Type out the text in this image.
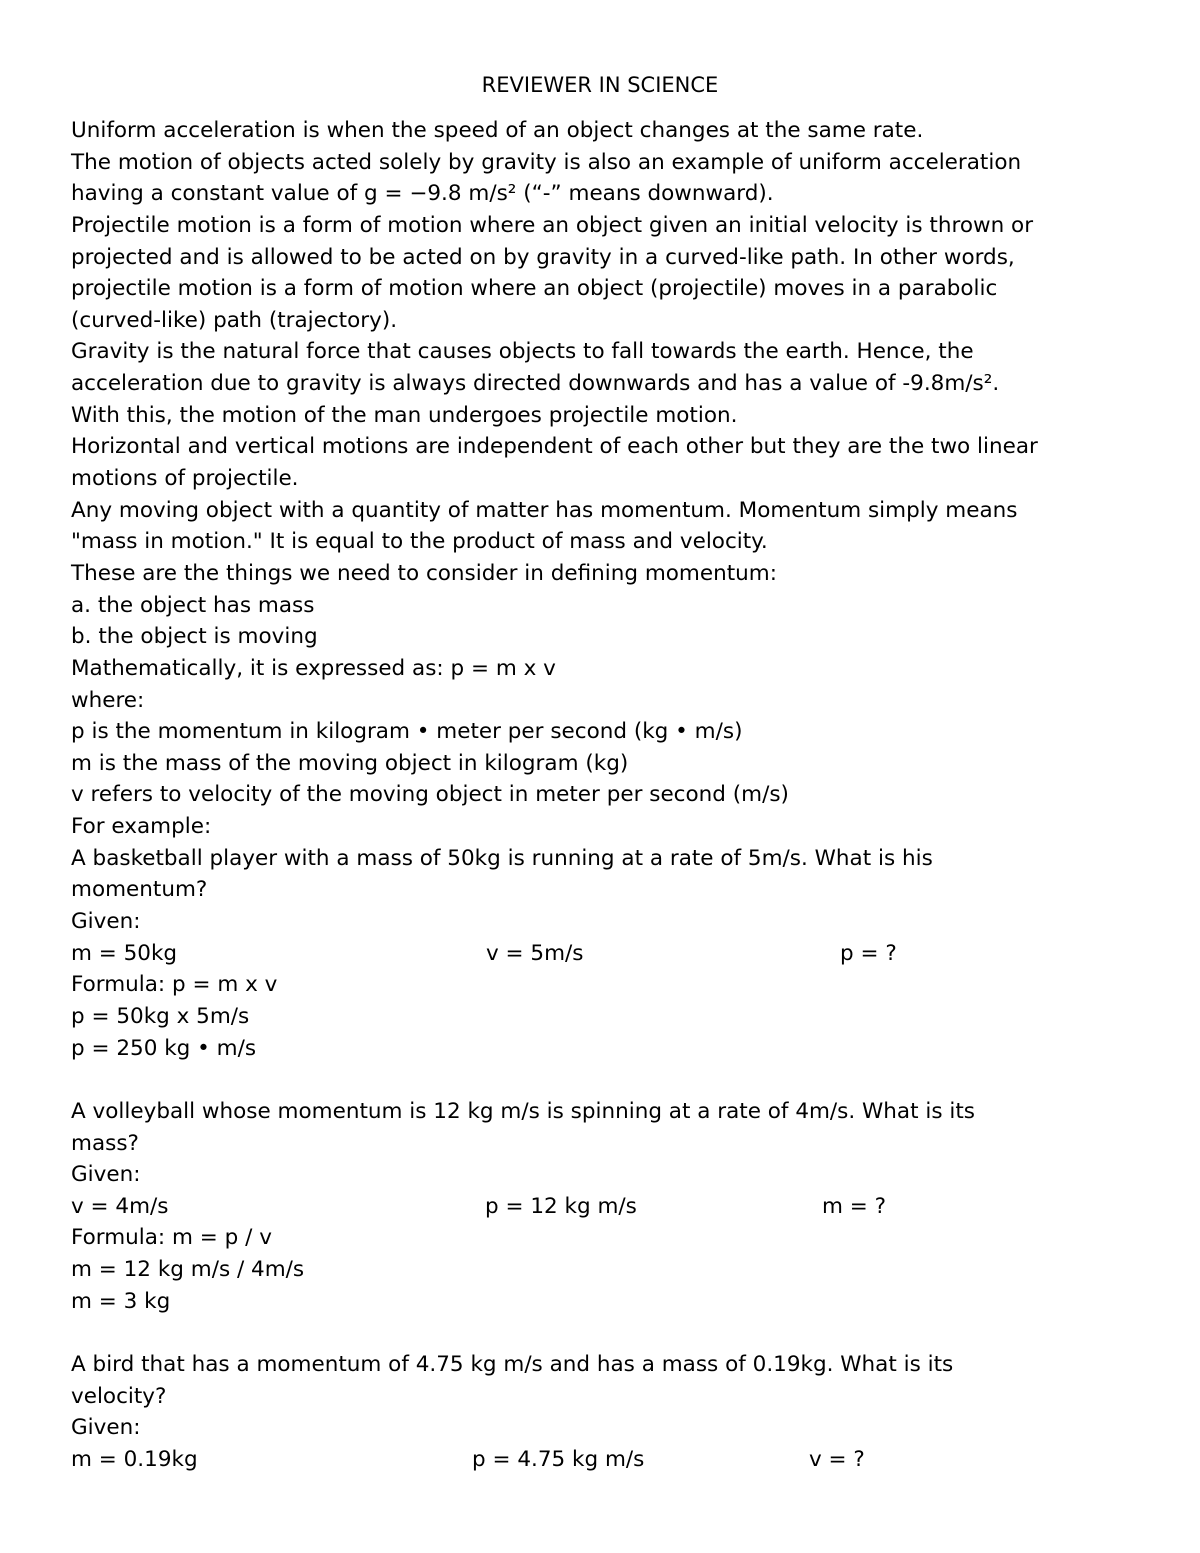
REVIEWER IN SCIENCE
Uniform acceleration is when the speed of an object changes at the same rate.
The motion of objects acted solely by gravity is also an example of uniform acceleration
having a constant value of g = −9.8 m/s² (“-” means downward).
Projectile motion is a form of motion where an object given an initial velocity is thrown or
projected and is allowed to be acted on by gravity in a curved-like path. In other words,
projectile motion is a form of motion where an object (projectile) moves in a parabolic
(curved-like) path (trajectory).
Gravity is the natural force that causes objects to fall towards the earth. Hence, the
acceleration due to gravity is always directed downwards and has a value of -9.8m/s².
With this, the motion of the man undergoes projectile motion.
Horizontal and vertical motions are independent of each other but they are the two linear
motions of projectile.
Any moving object with a quantity of matter has momentum. Momentum simply means
"mass in motion." It is equal to the product of mass and velocity.
These are the things we need to consider in defining momentum:
a. the object has mass
b. the object is moving
Mathematically, it is expressed as: p = m x v
where:
p is the momentum in kilogram • meter per second (kg • m/s)
m is the mass of the moving object in kilogram (kg)
v refers to velocity of the moving object in meter per second (m/s)
For example:
A basketball player with a mass of 50kg is running at a rate of 5m/s. What is his
momentum?
Given:
m = 50kg	v = 5m/s	p = ?
Formula: p = m x v
p = 50kg x 5m/s
p = 250 kg • m/s
A volleyball whose momentum is 12 kg m/s is spinning at a rate of 4m/s. What is its
mass?
Given:
v = 4m/s	p = 12 kg m/s	m = ?
Formula: m = p / v
m = 12 kg m/s / 4m/s
m = 3 kg
A bird that has a momentum of 4.75 kg m/s and has a mass of 0.19kg. What is its
velocity?
Given:
m = 0.19kg	p = 4.75 kg m/s	v = ?
